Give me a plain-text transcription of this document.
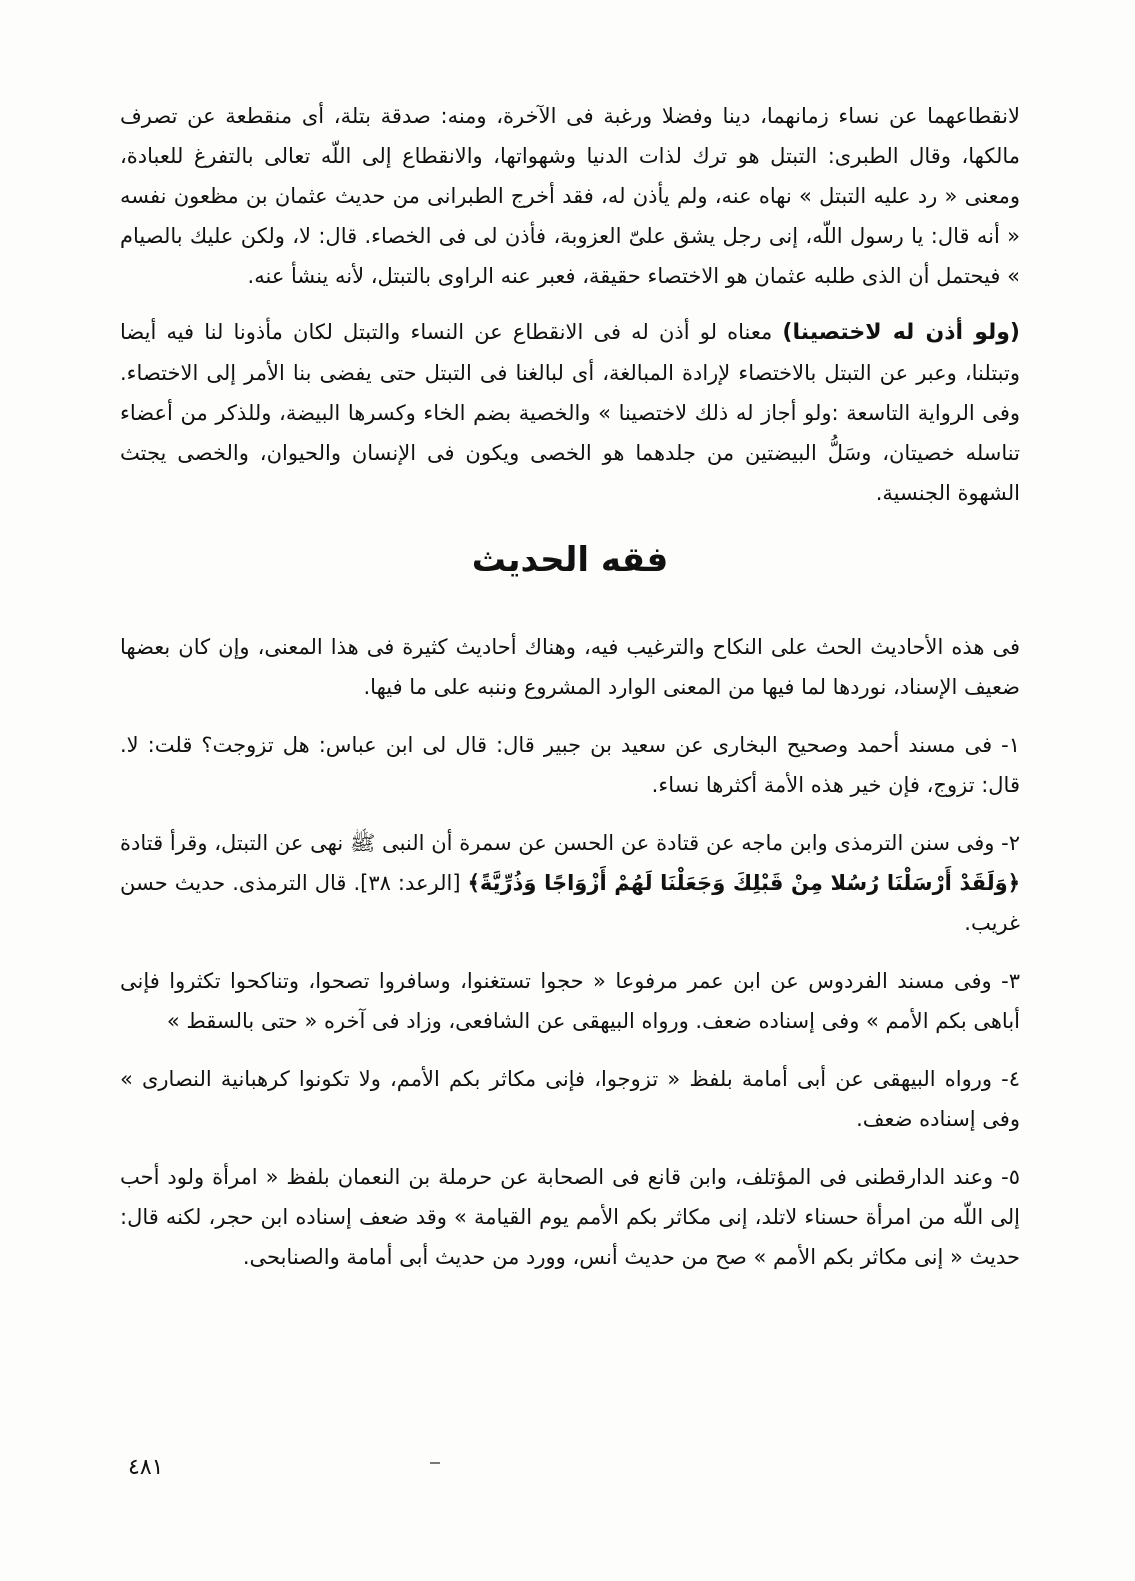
لانقطاعهما عن نساء زمانهما، دينا وفضلا ورغبة فى الآخرة، ومنه: صدقة بتلة، أى منقطعة عن تصرف مالكها، وقال الطبرى: التبتل هو ترك لذات الدنيا وشهواتها، والانقطاع إلى اللّه تعالى بالتفرغ للعبادة، ومعنى « رد عليه التبتل » نهاه عنه، ولم يأذن له، فقد أخرج الطبرانى من حديث عثمان بن مظعون نفسه « أنه قال: يا رسول اللّه، إنى رجل يشق علىّ العزوبة، فأذن لى فى الخصاء. قال: لا، ولكن عليك بالصيام » فيحتمل أن الذى طلبه عثمان هو الاختصاء حقيقة، فعبر عنه الراوى بالتبتل، لأنه ينشأ عنه.

(ولو أذن له لاختصينا) معناه لو أذن له فى الانقطاع عن النساء والتبتل لكان مأذونا لنا فيه أيضا وتبتلنا، وعبر عن التبتل بالاختصاء لإرادة المبالغة، أى لبالغنا فى التبتل حتى يفضى بنا الأمر إلى الاختصاء. وفى الرواية التاسعة :ولو أجاز له ذلك لاختصينا » والخصية بضم الخاء وكسرها البيضة، وللذكر من أعضاء تناسله خصيتان، وسَلُّ البيضتين من جلدهما هو الخصى ويكون فى الإنسان والحيوان، والخصى يجتث الشهوة الجنسية.

فقه الحديث

فى هذه الأحاديث الحث على النكاح والترغيب فيه، وهناك أحاديث كثيرة فى هذا المعنى، وإن كان بعضها ضعيف الإسناد، نوردها لما فيها من المعنى الوارد المشروع وننبه على ما فيها.

١- فى مسند أحمد وصحيح البخارى عن سعيد بن جبير قال: قال لى ابن عباس: هل تزوجت؟ قلت: لا. قال: تزوج، فإن خير هذه الأمة أكثرها نساء.

٢- وفى سنن الترمذى وابن ماجه عن قتادة عن الحسن عن سمرة أن النبى ﷺ نهى عن التبتل، وقرأ قتادة ﴿وَلَقَدْ أَرْسَلْنَا رُسُلا مِنْ قَبْلِكَ وَجَعَلْنَا لَهُمْ أَزْوَاجًا وَذُرِّيَّةً﴾ [الرعد: ٣٨]. قال الترمذى. حديث حسن غريب.

٣- وفى مسند الفردوس عن ابن عمر مرفوعا « حجوا تستغنوا، وسافروا تصحوا، وتناكحوا تكثروا فإنى أباهى بكم الأمم » وفى إسناده ضعف. ورواه البيهقى عن الشافعى، وزاد فى آخره « حتى بالسقط »

٤- ورواه البيهقى عن أبى أمامة بلفظ « تزوجوا، فإنى مكاثر بكم الأمم، ولا تكونوا كرهبانية النصارى » وفى إسناده ضعف.

٥- وعند الدارقطنى فى المؤتلف، وابن قانع فى الصحابة عن حرملة بن النعمان بلفظ « امرأة ولود أحب إلى اللّه من امرأة حسناء لاتلد، إنى مكاثر بكم الأمم يوم القيامة » وقد ضعف إسناده ابن حجر، لكنه قال: حديث « إنى مكاثر بكم الأمم » صح من حديث أنس، وورد من حديث أبى أمامة والصنابحى.

٤٨١
